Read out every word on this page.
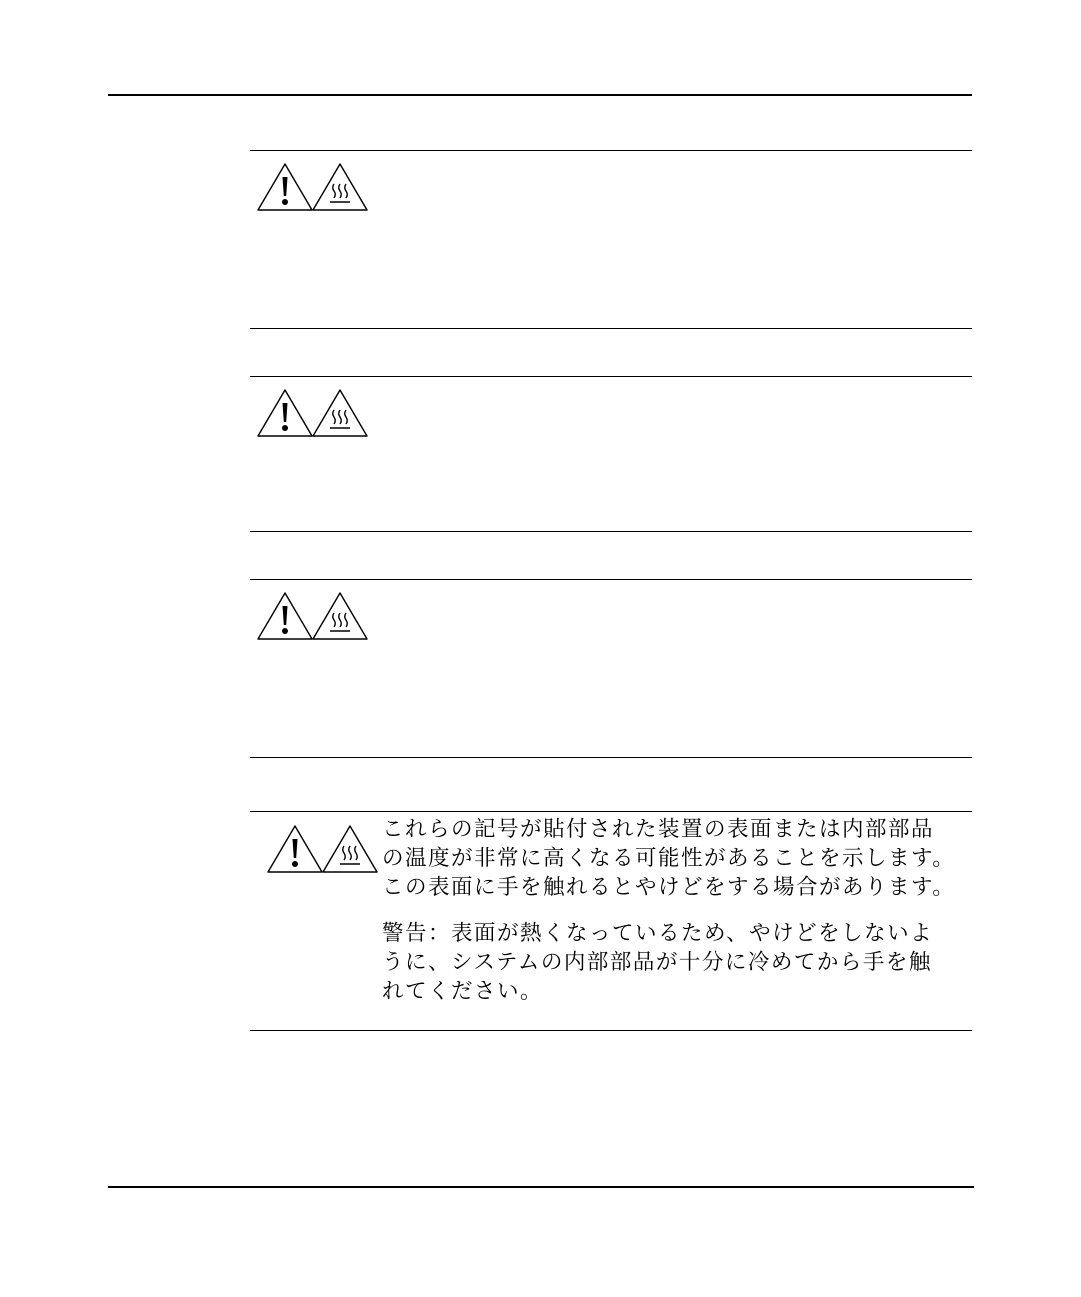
これらの記号が貼付された装置の表面または内部部品
の温度が非常に高くなる可能性があることを示します。
この表面に手を触れるとやけどをする場合があります。

警告：表面が熱くなっているため、やけどをしないよ
うに、システムの内部部品が十分に冷めてから手を触
れてください。
